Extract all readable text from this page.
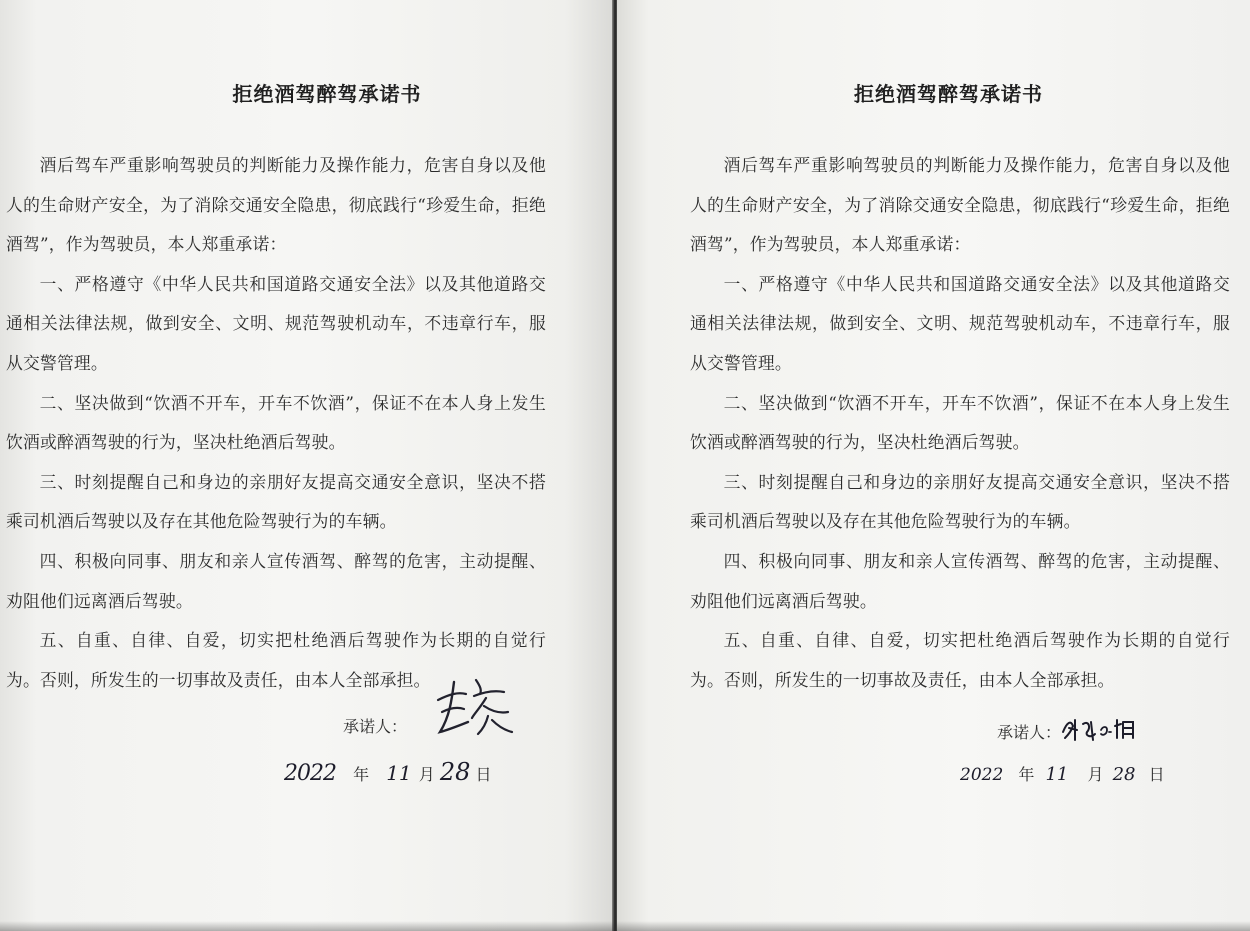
拒绝酒驾醉驾承诺书

酒后驾车严重影响驾驶员的判断能力及操作能力，危害自身以及他人的生命财产安全，为了消除交通安全隐患，彻底践行“珍爱生命，拒绝酒驾”，作为驾驶员，本人郑重承诺：

一、严格遵守《中华人民共和国道路交通安全法》以及其他道路交通相关法律法规，做到安全、文明、规范驾驶机动车，不违章行车，服从交警管理。

二、坚决做到“饮酒不开车，开车不饮酒”，保证不在本人身上发生饮酒或醉酒驾驶的行为，坚决杜绝酒后驾驶。

三、时刻提醒自己和身边的亲朋好友提高交通安全意识，坚决不搭乘司机酒后驾驶以及存在其他危险驾驶行为的车辆。

四、积极向同事、朋友和亲人宣传酒驾、醉驾的危害，主动提醒、劝阻他们远离酒后驾驶。

五、自重、自律、自爱，切实把杜绝酒后驾驶作为长期的自觉行为。否则，所发生的一切事故及责任，由本人全部承担。

承诺人：
2022 年 11 月 28 日
拒绝酒驾醉驾承诺书

酒后驾车严重影响驾驶员的判断能力及操作能力，危害自身以及他人的生命财产安全，为了消除交通安全隐患，彻底践行“珍爱生命，拒绝酒驾”，作为驾驶员，本人郑重承诺：

一、严格遵守《中华人民共和国道路交通安全法》以及其他道路交通相关法律法规，做到安全、文明、规范驾驶机动车，不违章行车，服从交警管理。

二、坚决做到“饮酒不开车，开车不饮酒”，保证不在本人身上发生饮酒或醉酒驾驶的行为，坚决杜绝酒后驾驶。

三、时刻提醒自己和身边的亲朋好友提高交通安全意识，坚决不搭乘司机酒后驾驶以及存在其他危险驾驶行为的车辆。

四、积极向同事、朋友和亲人宣传酒驾、醉驾的危害，主动提醒、劝阻他们远离酒后驾驶。

五、自重、自律、自爱，切实把杜绝酒后驾驶作为长期的自觉行为。否则，所发生的一切事故及责任，由本人全部承担。

承诺人：
2022 年 11 月 28 日
